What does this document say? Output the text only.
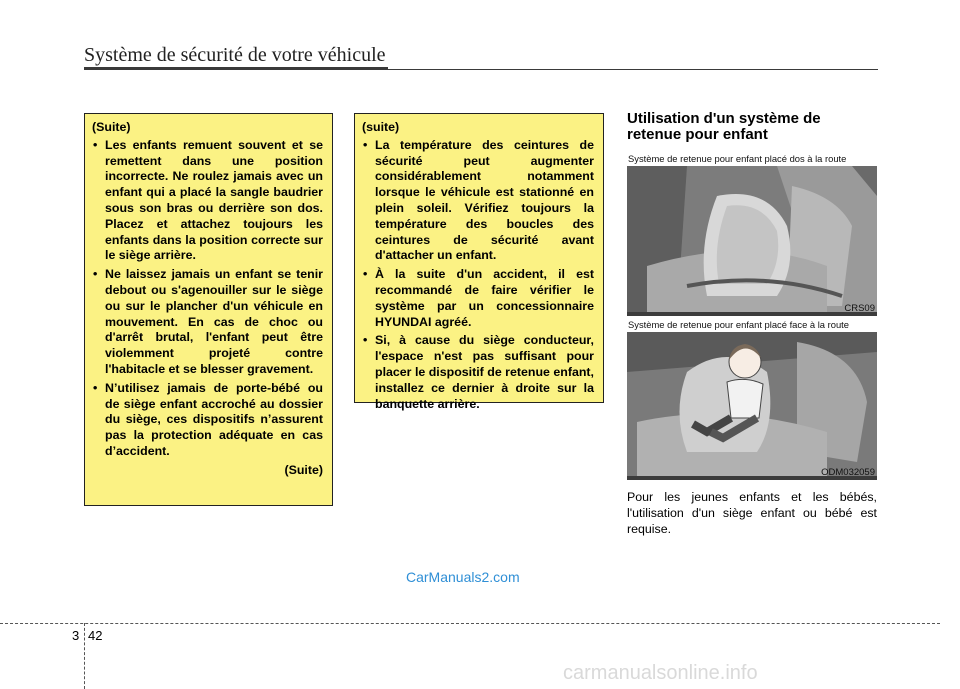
Système de sécurité de votre véhicule
(Suite)
• Les enfants remuent souvent et se remettent dans une position incorrecte. Ne roulez jamais avec un enfant qui a placé la sangle baudrier sous son bras ou derrière son dos. Placez et attachez toujours les enfants dans la position correcte sur le siège arrière.
• Ne laissez jamais un enfant se tenir debout ou s'agenouiller sur le siège ou sur le plancher d'un véhicule en mouvement. En cas de choc ou d'arrêt brutal, l'enfant peut être violemment projeté contre l'habitacle et se blesser gravement.
• N’utilisez jamais de porte-bébé ou de siège enfant accroché au dossier du siège, ces dispositifs n’assurent pas la protection adéquate en cas d’accident.
(Suite)
(suite)
• La température des ceintures de sécurité peut augmenter considérablement notamment lorsque le véhicule est stationné en plein soleil. Vérifiez toujours la température des boucles des ceintures de sécurité avant d'attacher un enfant.
• À la suite d'un accident, il est recommandé de faire vérifier le système par un concessionnaire HYUNDAI agréé.
• Si, à cause du siège conducteur, l'espace n'est pas suffisant pour placer le dispositif de retenue enfant, installez ce dernier à droite sur la banquette arrière.
Utilisation d'un système de retenue pour enfant
Système de retenue pour enfant placé dos à la route
CRS09
Système de retenue pour enfant placé face à la route
ODM032059
Pour les jeunes enfants et les bébés, l'utilisation d'un siège enfant ou bébé est requise.
CarManuals2.com
3 42
carmanualsonline.info
